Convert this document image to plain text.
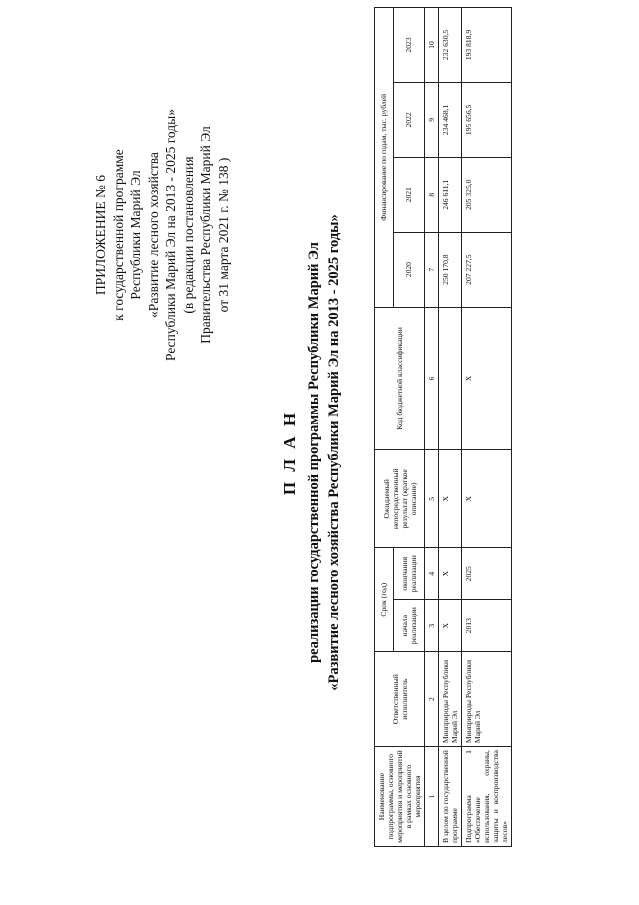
ПРИЛОЖЕНИЕ № 6 к государственной программе Республики Марий Эл «Развитие лесного хозяйства Республики Марий Эл на 2013 - 2025 годы» (в редакции постановления Правительства Республики Марий Эл от 31 марта 2021 г. № 138 )
П Л А Н реализации государственной программы Республики Марий Эл «Развитие лесного хозяйства Республики Марий Эл на 2013 - 2025 годы»
Наименование подпрограммы, основного мероприятия и мероприятий в рамках основного мероприятия	Ответственный исполнитель	Срок (год)		Ожидаемый непосредственный результат (краткое описание)	Код бюджетной классификации	Финансирование по годам, тыс. рублей			
		начала реализации	окончания реализации			2020	2021	2022	2023
1	2	3	4	5	6	7	8	9	10
В целом по государственной программе	Минприроды Республики Марий Эл	Х	Х	Х		250 170,8	246 611,1	234 468,1	232 630,5
Подпрограмма 1 «Обеспечение использования, охраны, защиты и воспроизводства лесов»	Минприроды Республики Марий Эл	2013	2025	Х	Х	207 227,5	205 325,0	195 656,5	193 818,9
